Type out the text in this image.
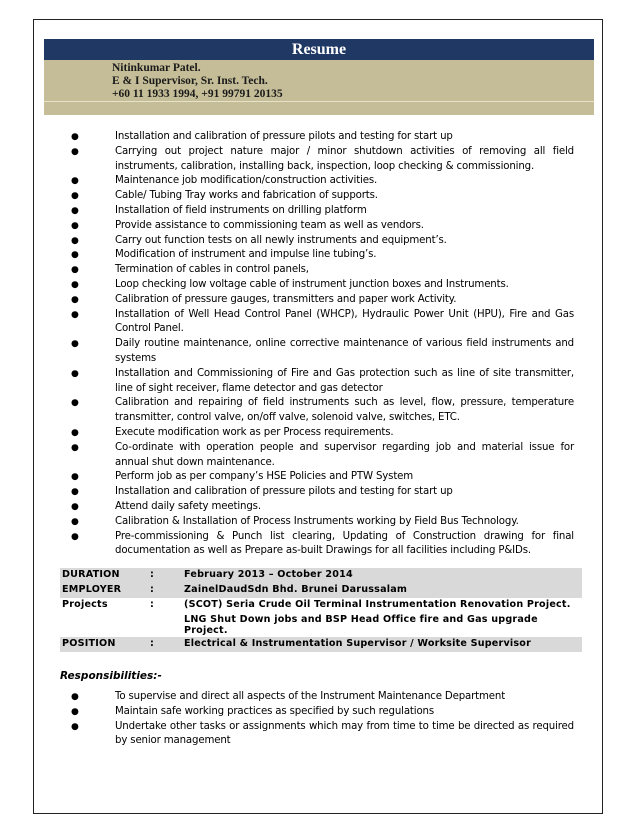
Resume
Nitinkumar Patel.
E & I Supervisor, Sr. Inst. Tech.
+60 11 1933 1994, +91 99791 20135
●	Installation and calibration of pressure pilots and testing for start up
●	Carrying out project nature major / minor shutdown activities of removing all field instruments, calibration, installing back, inspection, loop checking & commissioning.
●	Maintenance job modification/construction activities.
●	Cable/ Tubing Tray works and fabrication of supports.
●	Installation of field instruments on drilling platform
●	Provide assistance to commissioning team as well as vendors.
●	Carry out function tests on all newly instruments and equipment’s.
●	Modification of instrument and impulse line tubing’s.
●	Termination of cables in control panels,
●	Loop checking low voltage cable of instrument junction boxes and Instruments.
●	Calibration of pressure gauges, transmitters and paper work Activity.
●	Installation of Well Head Control Panel (WHCP), Hydraulic Power Unit (HPU), Fire and Gas Control Panel.
●	Daily routine maintenance, online corrective maintenance of various field instruments and systems
●	Installation and Commissioning of Fire and Gas protection such as line of site transmitter, line of sight receiver, flame detector and gas detector
●	Calibration and repairing of field instruments such as level, flow, pressure, temperature transmitter, control valve, on/off valve, solenoid valve, switches, ETC.
●	Execute modification work as per Process requirements.
●	Co-ordinate with operation people and supervisor regarding job and material issue for annual shut down maintenance.
●	Perform job as per company’s HSE Policies and PTW System
●	Installation and calibration of pressure pilots and testing for start up
●	Attend daily safety meetings.
●	Calibration & Installation of Process Instruments working by Field Bus Technology.
●	Pre-commissioning & Punch list clearing, Updating of Construction drawing for final documentation as well as Prepare as-built Drawings for all facilities including P&IDs.
DURATION	:	February 2013 – October 2014
EMPLOYER	:	ZainelDaudSdn Bhd. Brunei Darussalam
Projects	:	(SCOT) Seria Crude Oil Terminal Instrumentation Renovation Project.
		LNG Shut Down jobs and BSP Head Office fire and Gas upgrade Project.
POSITION	:	Electrical & Instrumentation Supervisor / Worksite Supervisor
Responsibilities:-
●	To supervise and direct all aspects of the Instrument Maintenance Department
●	Maintain safe working practices as specified by such regulations
●	Undertake other tasks or assignments which may from time to time be directed as required by senior management
